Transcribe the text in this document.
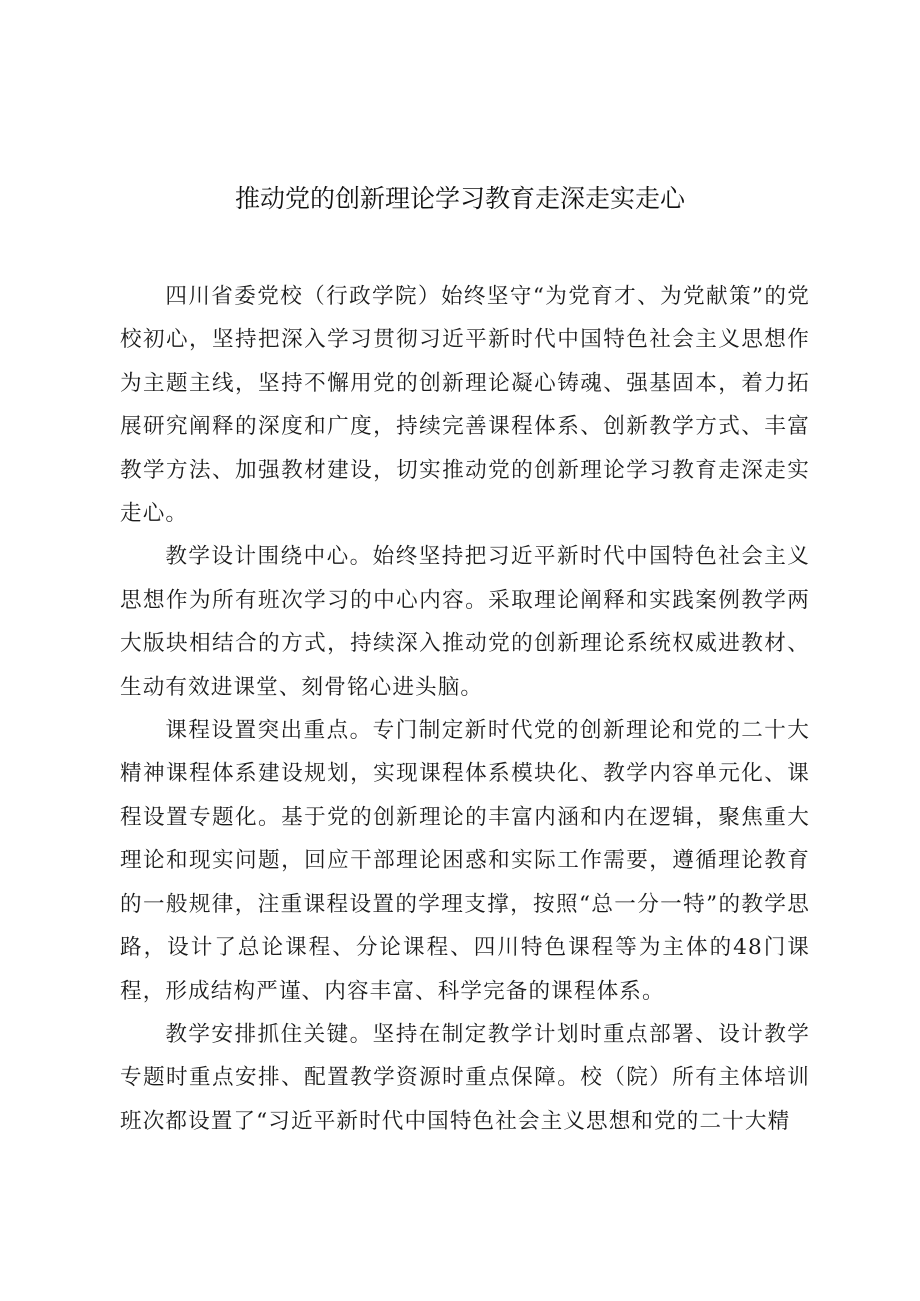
推动党的创新理论学习教育走深走实走心

四川省委党校（行政学院）始终坚守“为党育才、为党献策”的党校初心，坚持把深入学习贯彻习近平新时代中国特色社会主义思想作为主题主线，坚持不懈用党的创新理论凝心铸魂、强基固本，着力拓展研究阐释的深度和广度，持续完善课程体系、创新教学方式、丰富教学方法、加强教材建设，切实推动党的创新理论学习教育走深走实走心。

教学设计围绕中心。始终坚持把习近平新时代中国特色社会主义思想作为所有班次学习的中心内容。采取理论阐释和实践案例教学两大版块相结合的方式，持续深入推动党的创新理论系统权威进教材、生动有效进课堂、刻骨铭心进头脑。

课程设置突出重点。专门制定新时代党的创新理论和党的二十大精神课程体系建设规划，实现课程体系模块化、教学内容单元化、课程设置专题化。基于党的创新理论的丰富内涵和内在逻辑，聚焦重大理论和现实问题，回应干部理论困惑和实际工作需要，遵循理论教育的一般规律，注重课程设置的学理支撑，按照“总一分一特”的教学思路，设计了总论课程、分论课程、四川特色课程等为主体的48门课程，形成结构严谨、内容丰富、科学完备的课程体系。

教学安排抓住关键。坚持在制定教学计划时重点部署、设计教学专题时重点安排、配置教学资源时重点保障。校（院）所有主体培训班次都设置了“习近平新时代中国特色社会主义思想和党的二十大精
